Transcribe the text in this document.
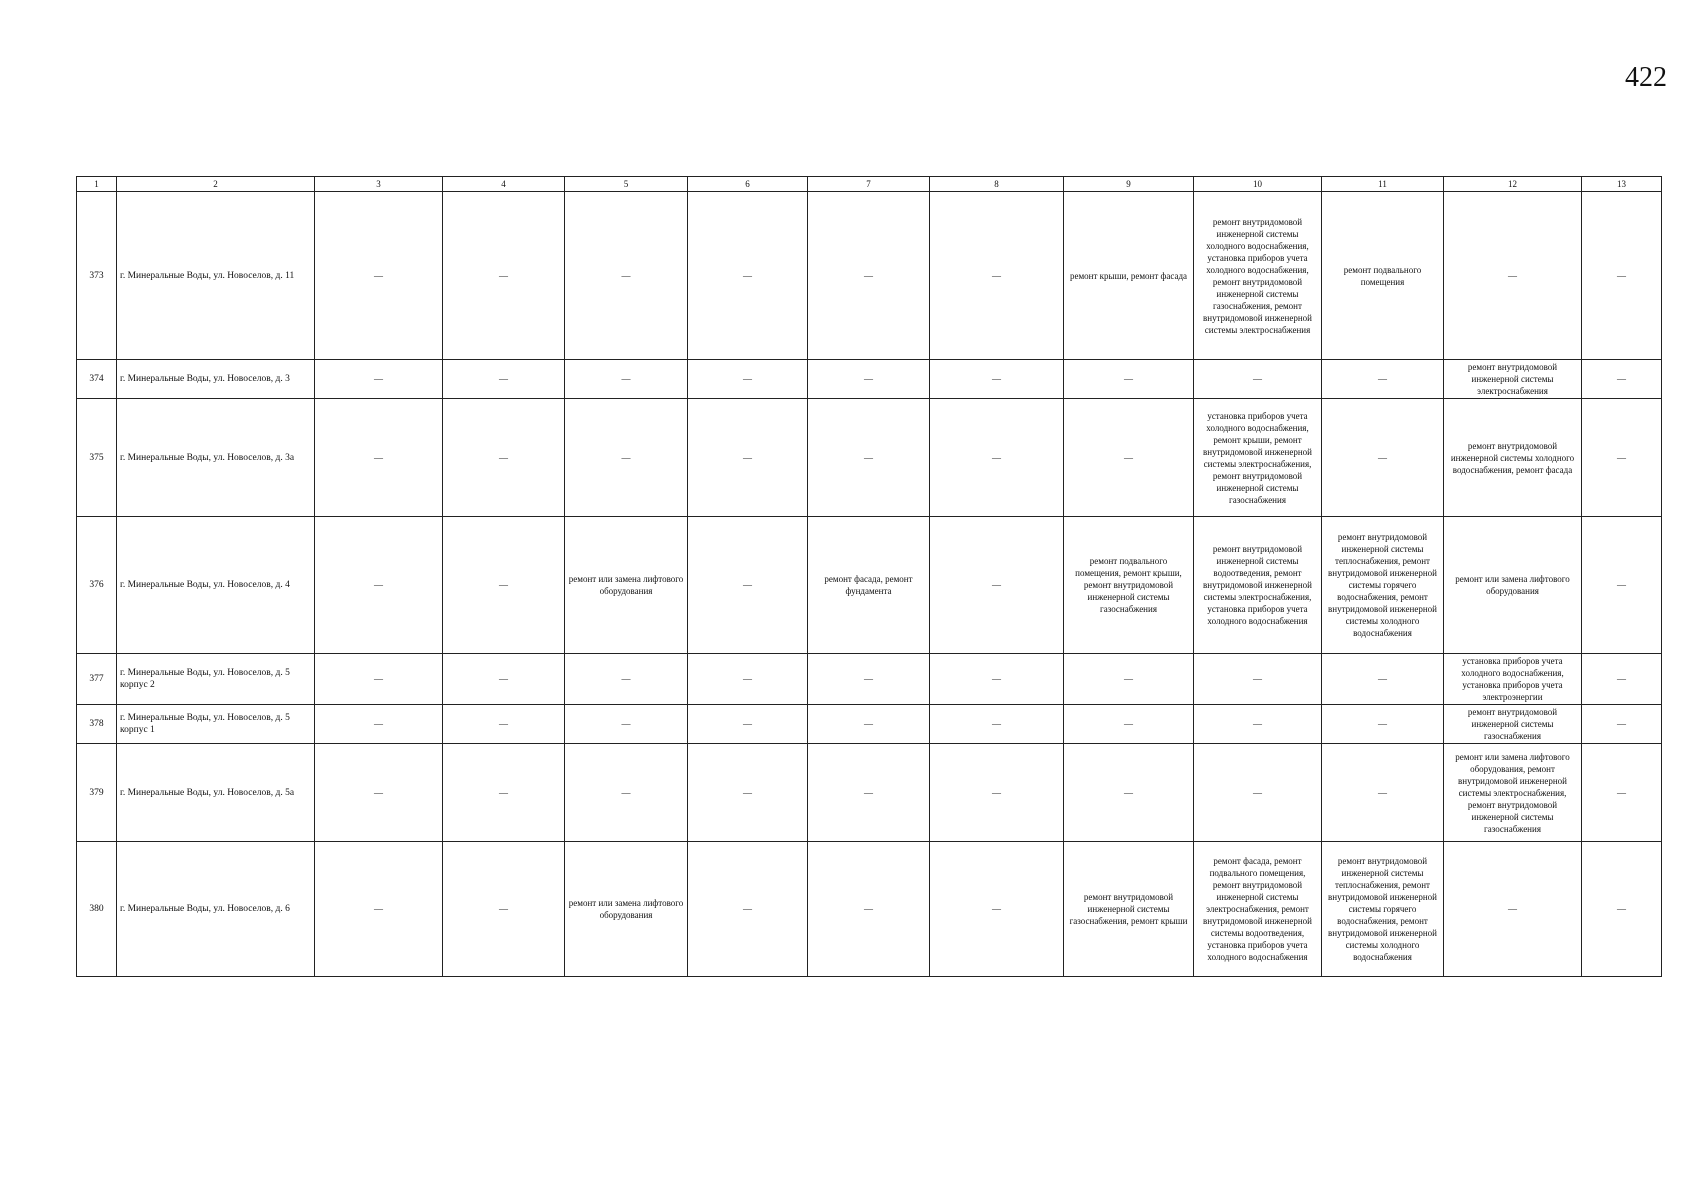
422
1	2	3	4	5	6	7	8	9	10	11	12	13
373	г. Минеральные Воды, ул. Новоселов, д. 11	—	—	—	—	—	—	ремонт крыши, ремонт фасада	ремонт внутридомовой инженерной системы холодного водоснабжения, установка приборов учета холодного водоснабжения, ремонт внутридомовой инженерной системы газоснабжения, ремонт внутридомовой инженерной системы электроснабжения	ремонт подвального помещения	—	—
374	г. Минеральные Воды, ул. Новоселов, д. 3	—	—	—	—	—	—	—	—	—	ремонт внутридомовой инженерной системы электроснабжения	—
375	г. Минеральные Воды, ул. Новоселов, д. 3а	—	—	—	—	—	—	—	установка приборов учета холодного водоснабжения, ремонт крыши, ремонт внутридомовой инженерной системы электроснабжения, ремонт внутридомовой инженерной системы газоснабжения	—	ремонт внутридомовой инженерной системы холодного водоснабжения, ремонт фасада	—
376	г. Минеральные Воды, ул. Новоселов, д. 4	—	—	ремонт или замена лифтового оборудования	—	ремонт фасада, ремонт фундамента	—	ремонт подвального помещения, ремонт крыши, ремонт внутридомовой инженерной системы газоснабжения	ремонт внутридомовой инженерной системы водоотведения, ремонт внутридомовой инженерной системы электроснабжения, установка приборов учета холодного водоснабжения	ремонт внутридомовой инженерной системы теплоснабжения, ремонт внутридомовой инженерной системы горячего водоснабжения, ремонт внутридомовой инженерной системы холодного водоснабжения	ремонт или замена лифтового оборудования	—
377	г. Минеральные Воды, ул. Новоселов, д. 5 корпус 2	—	—	—	—	—	—	—	—	—	установка приборов учета холодного водоснабжения, установка приборов учета электроэнергии	—
378	г. Минеральные Воды, ул. Новоселов, д. 5 корпус 1	—	—	—	—	—	—	—	—	—	ремонт внутридомовой инженерной системы газоснабжения	—
379	г. Минеральные Воды, ул. Новоселов, д. 5а	—	—	—	—	—	—	—	—	—	ремонт или замена лифтового оборудования, ремонт внутридомовой инженерной системы электроснабжения, ремонт внутридомовой инженерной системы газоснабжения	—
380	г. Минеральные Воды, ул. Новоселов, д. 6	—	—	ремонт или замена лифтового оборудования	—	—	—	ремонт внутридомовой инженерной системы газоснабжения, ремонт крыши	ремонт фасада, ремонт подвального помещения, ремонт внутридомовой инженерной системы электроснабжения, ремонт внутридомовой инженерной системы водоотведения, установка приборов учета холодного водоснабжения	ремонт внутридомовой инженерной системы теплоснабжения, ремонт внутридомовой инженерной системы горячего водоснабжения, ремонт внутридомовой инженерной системы холодного водоснабжения	—	—
